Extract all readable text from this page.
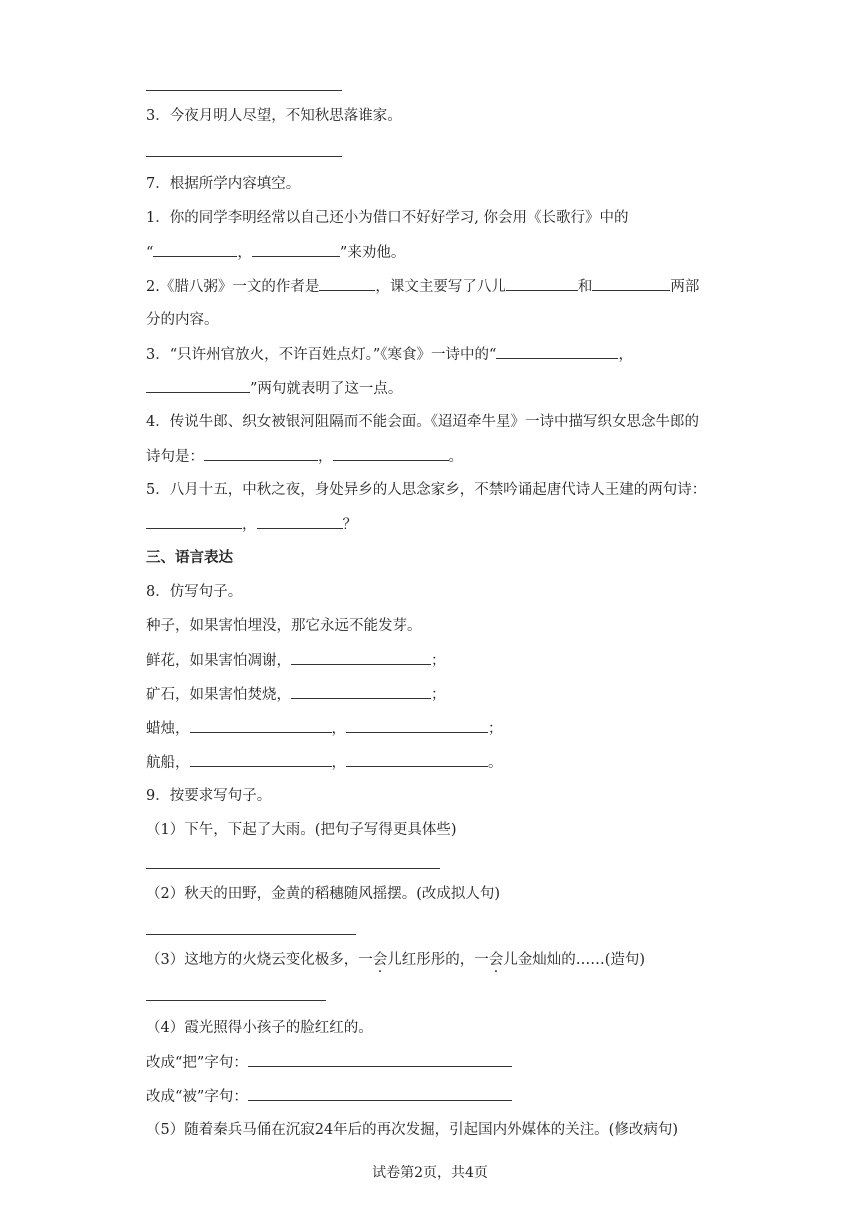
3．今夜月明人尽望，不知秋思落谁家。
7．根据所学内容填空。
1．你的同学李明经常以自己还小为借口不好好学习, 你会用《长歌行》中的
“	，	”来劝他。
2.《腊八粥》一文的作者是	，课文主要写了八儿	和	两部
分的内容。
3．“只许州官放火，不许百姓点灯。”《寒食》一诗中的“	，
”两句就表明了这一点。
4．传说牛郎、织女被银河阻隔而不能会面。《迢迢牵牛星》一诗中描写织女思念牛郎的
诗句是：	，	。
5．八月十五，中秋之夜，身处异乡的人思念家乡，不禁吟诵起唐代诗人王建的两句诗：
，	？
三、语言表达
8．仿写句子。
种子，如果害怕埋没，那它永远不能发芽。
鲜花，如果害怕凋谢，	；
矿石，如果害怕焚烧，	；
蜡烛，	，	；
航船，	，	。
9．按要求写句子。
（1）下午，下起了大雨。(把句子写得更具体些)
（2）秋天的田野，金黄的稻穗随风摇摆。(改成拟人句)
（3）这地方的火烧云变化极多，一会儿红彤彤的，一会儿金灿灿的……(造句)
（4）霞光照得小孩子的脸红红的。
改成“把”字句：
改成“被”字句：
（5）随着秦兵马俑在沉寂24年后的再次发掘，引起国内外媒体的关注。(修改病句)
试卷第2页，共4页
